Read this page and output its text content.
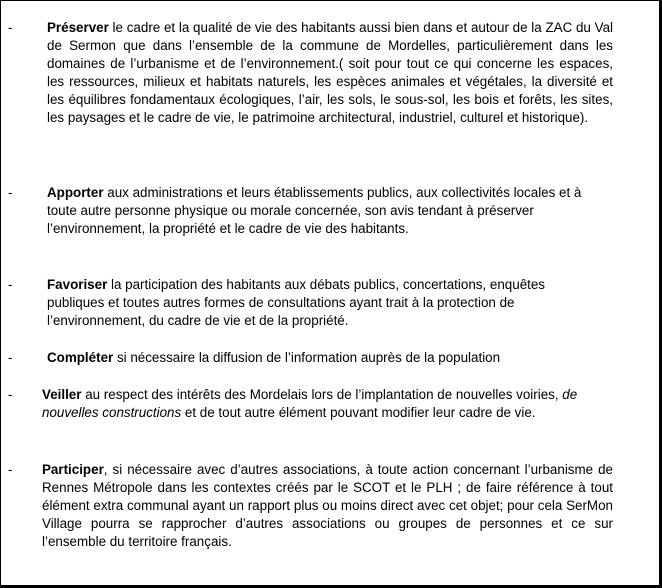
-	Préserver le cadre et la qualité de vie des habitants aussi bien dans et autour de la ZAC du Val de Sermon que dans l’ensemble de la commune de Mordelles, particulièrement dans les domaines de l’urbanisme et de l’environnement.( soit pour tout ce qui concerne les espaces, les ressources, milieux et habitats naturels, les espèces animales et végétales, la diversité et les équilibres fondamentaux écologiques, l’air, les sols, le sous-sol, les bois et forêts, les sites, les paysages et le cadre de vie, le patrimoine architectural, industriel, culturel et historique).
-	Apporter aux administrations et leurs établissements publics, aux collectivités locales et à toute autre personne physique ou morale concernée, son avis tendant à préserver l’environnement, la propriété et le cadre de vie des habitants.
-	Favoriser la participation des habitants aux débats publics, concertations, enquêtes publiques et toutes autres formes de consultations ayant trait à la protection de l’environnement, du cadre de vie et de la propriété.
-	Compléter si nécessaire la diffusion de l’information auprès de la population
- Veiller au respect des intérêts des Mordelais lors de l’implantation de nouvelles voiries, de nouvelles constructions et de tout autre élément pouvant modifier leur cadre de vie.
- Participer, si nécessaire avec d’autres associations, à toute action concernant l’urbanisme de Rennes Métropole dans les contextes créés par le SCOT et le PLH ; de faire référence à tout élément extra communal ayant un rapport plus ou moins direct avec cet objet; pour cela SerMon Village pourra se rapprocher d’autres associations ou groupes de personnes et ce sur l’ensemble du territoire français.
